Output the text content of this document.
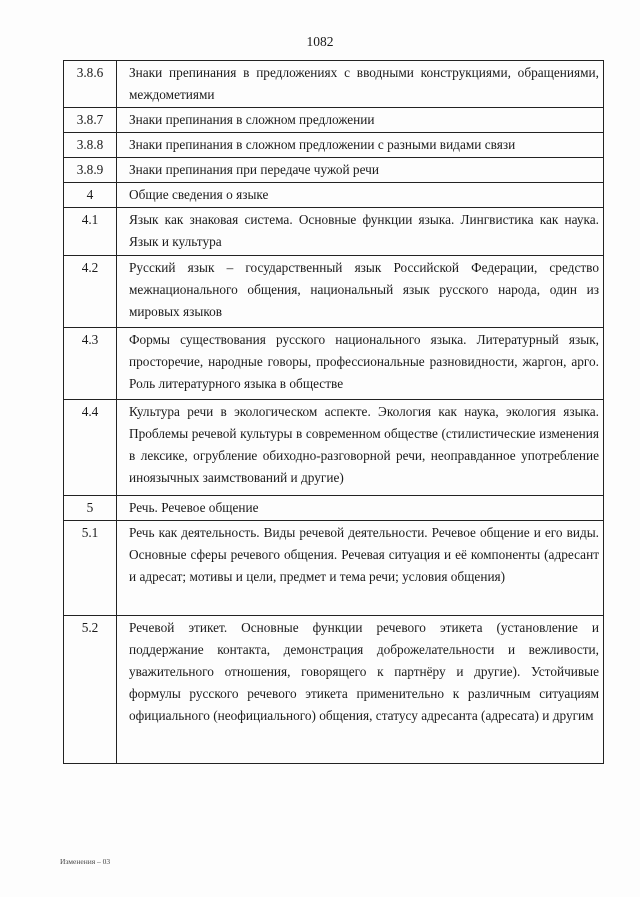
1082
3.8.6	Знаки препинания в предложениях с вводными конструкциями, обращениями, междометиями
3.8.7	Знаки препинания в сложном предложении
3.8.8	Знаки препинания в сложном предложении с разными видами связи
3.8.9	Знаки препинания при передаче чужой речи
4	Общие сведения о языке
4.1	Язык как знаковая система. Основные функции языка. Лингвистика как наука. Язык и культура
4.2	Русский язык – государственный язык Российской Федерации, средство межнационального общения, национальный язык русского народа, один из мировых языков
4.3	Формы существования русского национального языка. Литературный язык, просторечие, народные говоры, профессиональные разновидности, жаргон, арго. Роль литературного языка в обществе
4.4	Культура речи в экологическом аспекте. Экология как наука, экология языка. Проблемы речевой культуры в современном обществе (стилистические изменения в лексике, огрубление обиходно-разговорной речи, неоправданное употребление иноязычных заимствований и другие)
5	Речь. Речевое общение
5.1	Речь как деятельность. Виды речевой деятельности. Речевое общение и его виды. Основные сферы речевого общения. Речевая ситуация и её компоненты (адресант и адресат; мотивы и цели, предмет и тема речи; условия общения)
5.2	Речевой этикет. Основные функции речевого этикета (установление и поддержание контакта, демонстрация доброжелательности и вежливости, уважительного отношения, говорящего к партнёру и другие). Устойчивые формулы русского речевого этикета применительно к различным ситуациям официального (неофициального) общения, статусу адресанта (адресата) и другим
Изменения – 03
